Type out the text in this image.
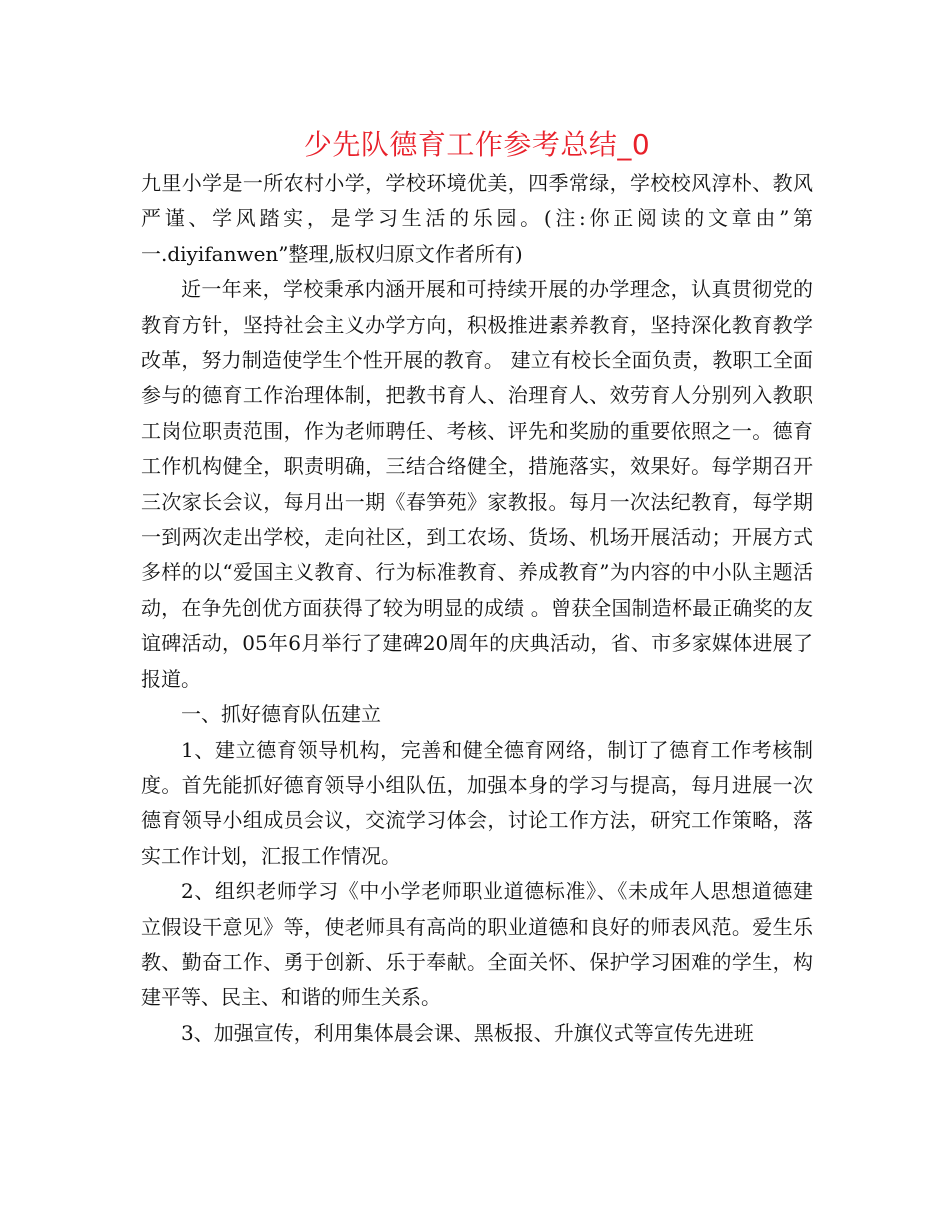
少先队德育工作参考总结_0

九里小学是一所农村小学，学校环境优美，四季常绿，学校校风淳朴、教风严谨、学风踏实，是学习生活的乐园。(注:你正阅读的文章由”第一.diyifanwen”整理,版权归原文作者所有)

近一年来，学校秉承内涵开展和可持续开展的办学理念，认真贯彻党的教育方针，坚持社会主义办学方向，积极推进素养教育，坚持深化教育教学改革，努力制造使学生个性开展的教育。 建立有校长全面负责，教职工全面参与的德育工作治理体制，把教书育人、治理育人、效劳育人分别列入教职工岗位职责范围，作为老师聘任、考核、评先和奖励的重要依照之一。德育工作机构健全，职责明确，三结合络健全，措施落实，效果好。每学期召开三次家长会议，每月出一期《春笋苑》家教报。每月一次法纪教育，每学期一到两次走出学校，走向社区，到工农场、货场、机场开展活动；开展方式多样的以“爱国主义教育、行为标准教育、养成教育”为内容的中小队主题活动，在争先创优方面获得了较为明显的成绩 。曾获全国制造杯最正确奖的友谊碑活动，05年6月举行了建碑20周年的庆典活动，省、市多家媒体进展了报道。

一、抓好德育队伍建立

1、建立德育领导机构，完善和健全德育网络，制订了德育工作考核制度。首先能抓好德育领导小组队伍，加强本身的学习与提高，每月进展一次德育领导小组成员会议，交流学习体会，讨论工作方法，研究工作策略，落实工作计划，汇报工作情况。

2、组织老师学习《中小学老师职业道德标准》、《未成年人思想道德建立假设干意见》等，使老师具有高尚的职业道德和良好的师表风范。爱生乐教、勤奋工作、勇于创新、乐于奉献。全面关怀、保护学习困难的学生，构建平等、民主、和谐的师生关系。

3、加强宣传，利用集体晨会课、黑板报、升旗仪式等宣传先进班
